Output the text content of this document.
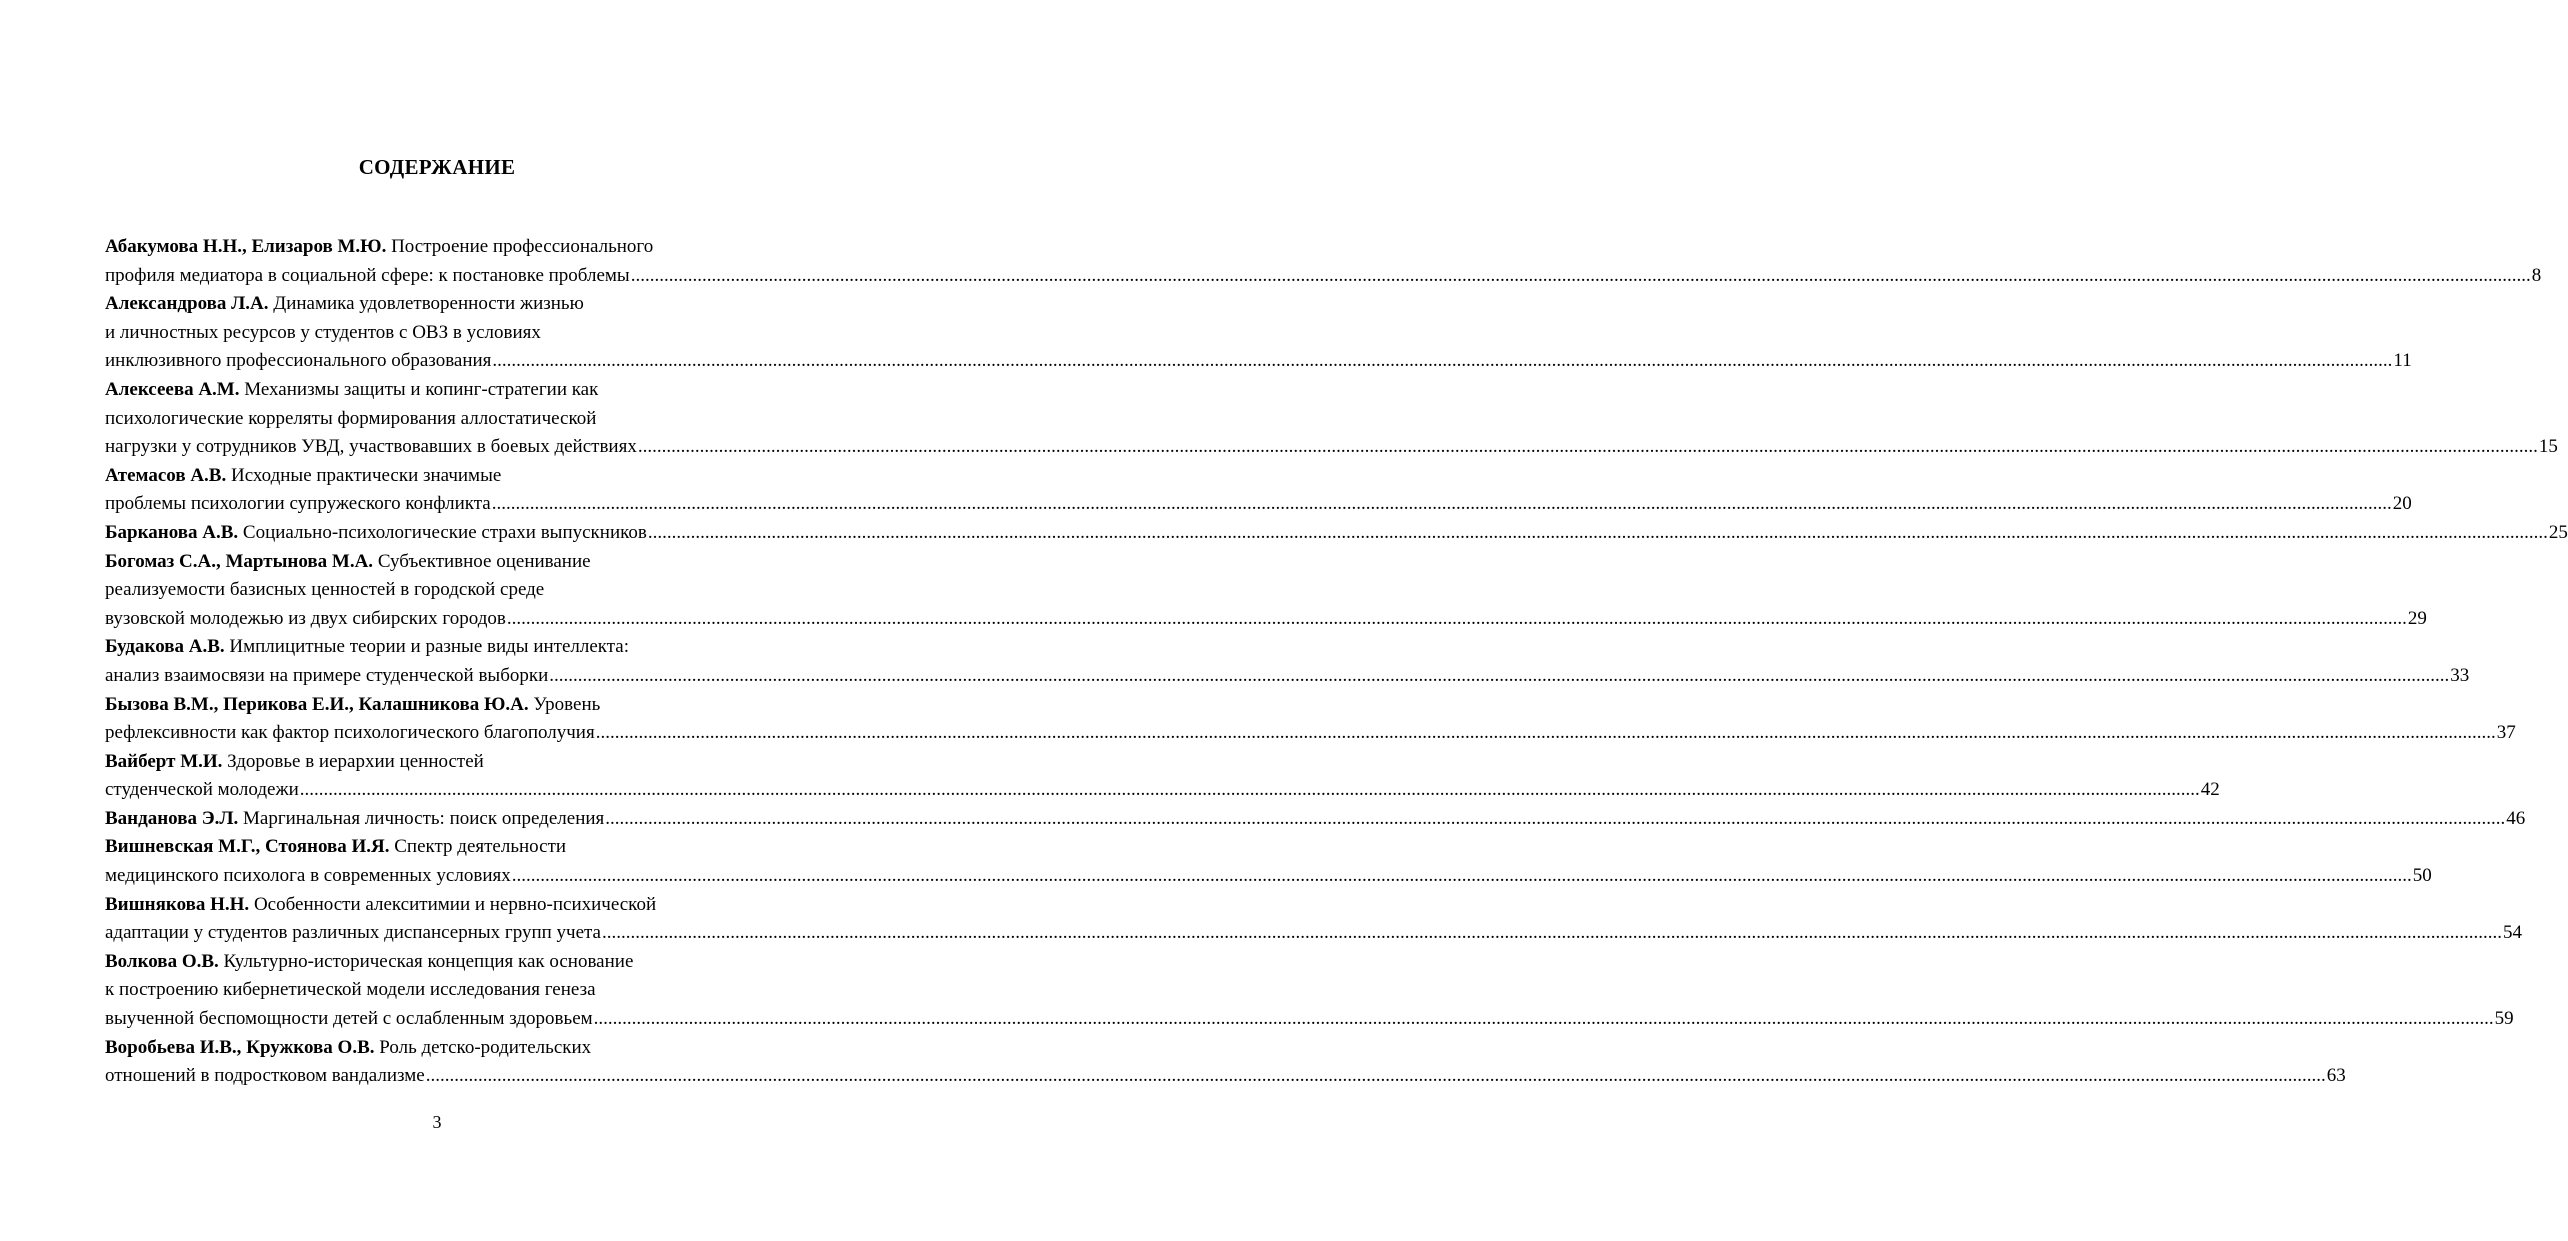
СОДЕРЖАНИЕ
Абакумова Н.Н., Елизаров М.Ю. Построение профессионального
профиля медиатора в социальной сфере: к постановке проблемы ................................................................................................................................................................................................................................................................................................................................................................................................................ 8
Александрова Л.А. Динамика удовлетворенности жизнью
и личностных ресурсов у студентов с ОВЗ в условиях
инклюзивного профессионального образования ................................................................................................................................................................................................................................................................................................................................................................................................................ 11
Алексеева А.М. Механизмы защиты и копинг-стратегии как
психологические корреляты формирования аллостатической
нагрузки у сотрудников УВД, участвовавших в боевых действиях ................................................................................................................................................................................................................................................................................................................................................................................................................ 15
Атемасов А.В. Исходные практически значимые
проблемы психологии супружеского конфликта ................................................................................................................................................................................................................................................................................................................................................................................................................ 20
Барканова А.В. Социально-психологические страхи выпускников ................................................................................................................................................................................................................................................................................................................................................................................................................ 25
Богомаз С.А., Мартынова М.А. Субъективное оценивание
реализуемости базисных ценностей в городской среде
вузовской молодежью из двух сибирских городов ................................................................................................................................................................................................................................................................................................................................................................................................................ 29
Будакова А.В. Имплицитные теории и разные виды интеллекта:
анализ взаимосвязи на примере студенческой выборки ................................................................................................................................................................................................................................................................................................................................................................................................................ 33
Бызова В.М., Перикова Е.И., Калашникова Ю.А. Уровень
рефлексивности как фактор психологического благополучия ................................................................................................................................................................................................................................................................................................................................................................................................................ 37
Вайберт М.И. Здоровье в иерархии ценностей
студенческой молодежи ................................................................................................................................................................................................................................................................................................................................................................................................................ 42
Ванданова Э.Л. Маргинальная личность: поиск определения ................................................................................................................................................................................................................................................................................................................................................................................................................ 46
Вишневская М.Г., Стоянова И.Я. Спектр деятельности
медицинского психолога в современных условиях ................................................................................................................................................................................................................................................................................................................................................................................................................ 50
Вишнякова Н.Н. Особенности алекситимии и нервно-психической
адаптации у студентов различных диспансерных групп учета ................................................................................................................................................................................................................................................................................................................................................................................................................ 54
Волкова О.В. Культурно-историческая концепция как основание
к построению кибернетической модели исследования генеза
выученной беспомощности детей с ослабленным здоровьем ................................................................................................................................................................................................................................................................................................................................................................................................................ 59
Воробьева И.В., Кружкова О.В. Роль детско-родительских
отношений в подростковом вандализме ................................................................................................................................................................................................................................................................................................................................................................................................................ 63
3
